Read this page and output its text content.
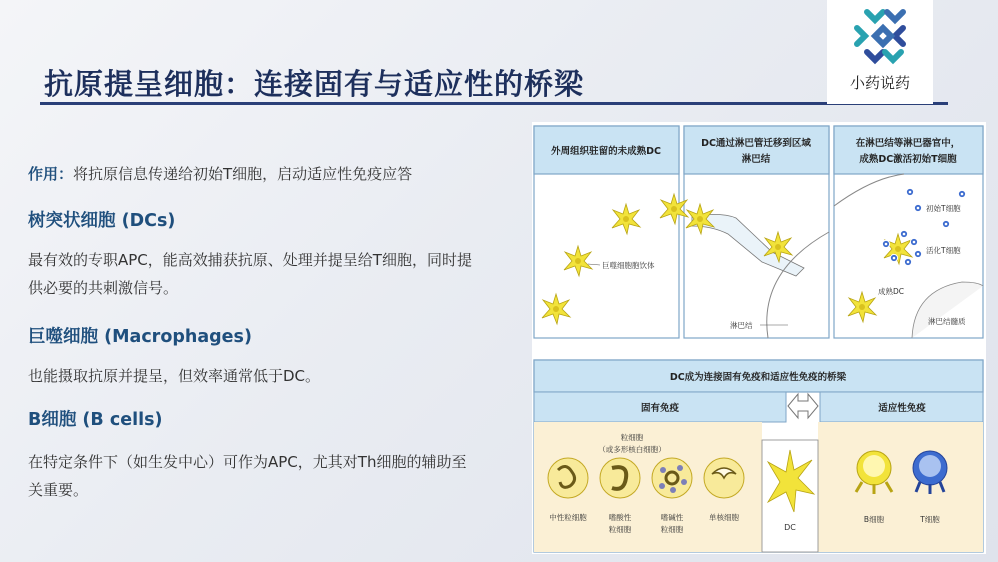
抗原提呈细胞：连接固有与适应性的桥梁	小药说药
作用：将抗原信息传递给初始T细胞，启动适应性免疫应答
树突状细胞 (DCs)
最有效的专职APC，能高效捕获抗原、处理并提呈给T细胞，同时提
供必要的共刺激信号。
巨噬细胞 (Macrophages)
也能摄取抗原并提呈，但效率通常低于DC。
B细胞 (B cells)
在特定条件下（如生发中心）可作为APC，尤其对Th细胞的辅助至
关重要。
外周组织驻留的未成熟DC
DC通过淋巴管迁移到区域
淋巴结
在淋巴结等淋巴器官中，
成熟DC激活初始T细胞
巨噬细胞胞饮体
淋巴结
初始T细胞
活化T细胞
成熟DC
淋巴结髓质
DC成为连接固有免疫和适应性免疫的桥梁
固有免疫	适应性免疫
DC
粒细胞
（或多形核白细胞）
中性粒细胞	嗜酸性
粒细胞
嗜碱性
粒细胞
单核细胞	B细胞	T细胞
